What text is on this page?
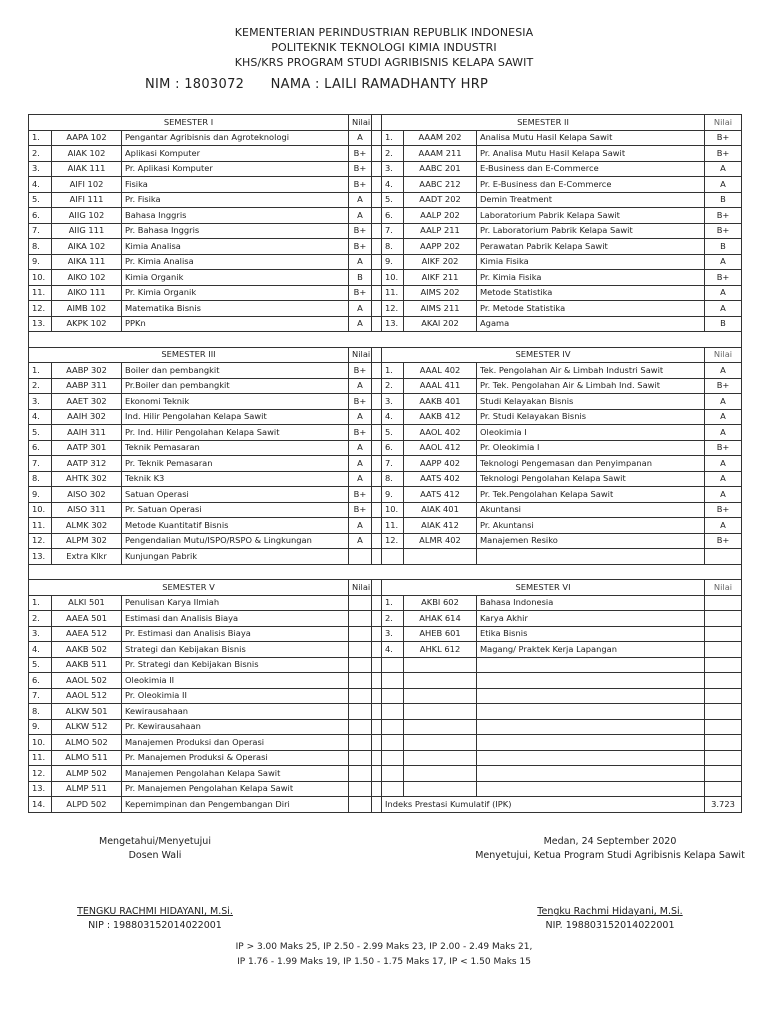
KEMENTERIAN PERINDUSTRIAN REPUBLIK INDONESIA
POLITEKNIK TEKNOLOGI KIMIA INDUSTRI
KHS/KRS PROGRAM STUDI AGRIBISNIS KELAPA SAWIT
NIM : 1803072 NAMA : LAILI RAMADHANTY HRP
SEMESTER I			Nilai		SEMESTER II			Nilai
1.	AAPA 102	Pengantar Agribisnis dan Agroteknologi	A		1.	AAAM 202	Analisa Mutu Hasil Kelapa Sawit	B+
2.	AIAK 102	Aplikasi Komputer	B+		2.	AAAM 211	Pr. Analisa Mutu Hasil Kelapa Sawit	B+
3.	AIAK 111	Pr. Aplikasi Komputer	B+		3.	AABC 201	E-Business dan E-Commerce	A
4.	AIFI 102	Fisika	B+		4.	AABC 212	Pr. E-Business dan E-Commerce	A
5.	AIFI 111	Pr. Fisika	A		5.	AADT 202	Demin Treatment	B
6.	AIIG 102	Bahasa Inggris	A		6.	AALP 202	Laboratorium Pabrik Kelapa Sawit	B+
7.	AIIG 111	Pr. Bahasa Inggris	B+		7.	AALP 211	Pr. Laboratorium Pabrik Kelapa Sawit	B+
8.	AIKA 102	Kimia Analisa	B+		8.	AAPP 202	Perawatan Pabrik Kelapa Sawit	B
9.	AIKA 111	Pr. Kimia Analisa	A		9.	AIKF 202	Kimia Fisika	A
10.	AIKO 102	Kimia Organik	B		10.	AIKF 211	Pr. Kimia Fisika	B+
11.	AIKO 111	Pr. Kimia Organik	B+		11.	AIMS 202	Metode Statistika	A
12.	AIMB 102	Matematika Bisnis	A		12.	AIMS 211	Pr. Metode Statistika	A
13.	AKPK 102	PPKn	A		13.	AKAI 202	Agama	B

SEMESTER III			Nilai		SEMESTER IV			Nilai
1.	AABP 302	Boiler dan pembangkit	B+		1.	AAAL 402	Tek. Pengolahan Air & Limbah Industri Sawit	A
2.	AABP 311	Pr.Boiler dan pembangkit	A		2.	AAAL 411	Pr. Tek. Pengolahan Air & Limbah Ind. Sawit	B+
3.	AAET 302	Ekonomi Teknik	B+		3.	AAKB 401	Studi Kelayakan Bisnis	A
4.	AAIH 302	Ind. Hilir Pengolahan Kelapa Sawit	A		4.	AAKB 412	Pr. Studi Kelayakan Bisnis	A
5.	AAIH 311	Pr. Ind. Hilir Pengolahan Kelapa Sawit	B+		5.	AAOL 402	Oleokimia I	A
6.	AATP 301	Teknik Pemasaran	A		6.	AAOL 412	Pr. Oleokimia I	B+
7.	AATP 312	Pr. Teknik Pemasaran	A		7.	AAPP 402	Teknologi Pengemasan dan Penyimpanan	A
8.	AHTK 302	Teknik K3	A		8.	AATS 402	Teknologi Pengolahan Kelapa Sawit	A
9.	AISO 302	Satuan Operasi	B+		9.	AATS 412	Pr. Tek.Pengolahan Kelapa Sawit	A
10.	AISO 311	Pr. Satuan Operasi	B+		10.	AIAK 401	Akuntansi	B+
11.	ALMK 302	Metode Kuantitatif Bisnis	A		11.	AIAK 412	Pr. Akuntansi	A
12.	ALPM 302	Pengendalian Mutu/ISPO/RSPO & Lingkungan	A		12.	ALMR 402	Manajemen Resiko	B+
13.	Extra Klkr	Kunjungan Pabrik						

SEMESTER V			Nilai		SEMESTER VI			Nilai
1.	ALKI 501	Penulisan Karya Ilmiah			1.	AKBI 602	Bahasa Indonesia	
2.	AAEA 501	Estimasi dan Analisis Biaya			2.	AHAK 614	Karya Akhir	
3.	AAEA 512	Pr. Estimasi dan Analisis Biaya			3.	AHEB 601	Etika Bisnis	
4.	AAKB 502	Strategi dan Kebijakan Bisnis			4.	AHKL 612	Magang/ Praktek Kerja Lapangan	
5.	AAKB 511	Pr. Strategi dan Kebijakan Bisnis						
6.	AAOL 502	Oleokimia II						
7.	AAOL 512	Pr. Oleokimia II						
8.	ALKW 501	Kewirausahaan						
9.	ALKW 512	Pr. Kewirausahaan						
10.	ALMO 502	Manajemen Produksi dan Operasi						
11.	ALMO 511	Pr. Manajemen Produksi & Operasi						
12.	ALMP 502	Manajemen Pengolahan Kelapa Sawit						
13.	ALMP 511	Pr. Manajemen Pengolahan Kelapa Sawit						
14.	ALPD 502	Kepemimpinan dan Pengembangan Diri			Indeks Prestasi Kumulatif (IPK)			3.723
Mengetahui/Menyetujui
Dosen Wali
TENGKU RACHMI HIDAYANI, M.Si.
NIP : 198803152014022001
Medan, 24 September 2020
Menyetujui, Ketua Program Studi Agribisnis Kelapa Sawit
Tengku Rachmi Hidayani, M.Si.
NIP. 198803152014022001
IP > 3.00 Maks 25, IP 2.50 - 2.99 Maks 23, IP 2.00 - 2.49 Maks 21,
IP 1.76 - 1.99 Maks 19, IP 1.50 - 1.75 Maks 17, IP < 1.50 Maks 15
